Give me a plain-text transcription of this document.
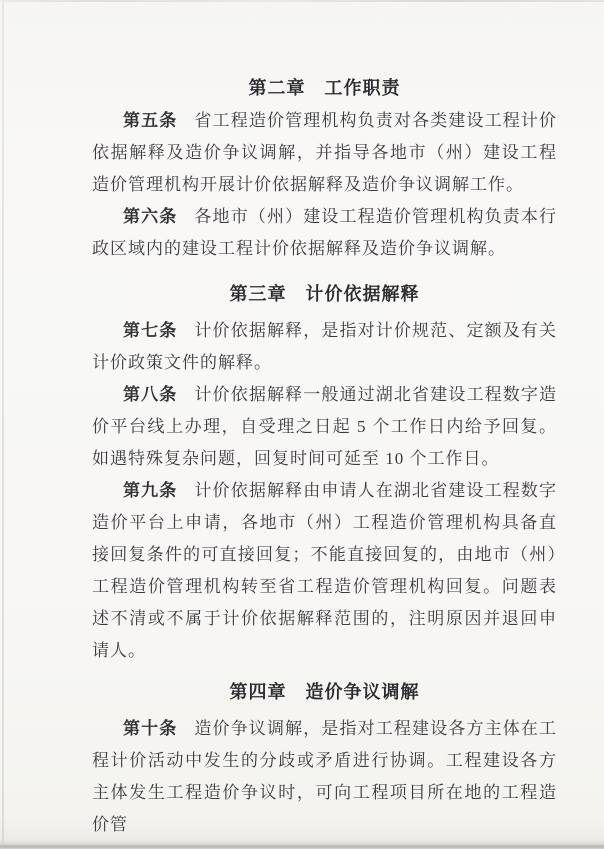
第二章　工作职责

第五条 省工程造价管理机构负责对各类建设工程计价依据解释及造价争议调解，并指导各地市（州）建设工程造价管理机构开展计价依据解释及造价争议调解工作。

第六条 各地市（州）建设工程造价管理机构负责本行政区域内的建设工程计价依据解释及造价争议调解。

第三章　计价依据解释

第七条 计价依据解释，是指对计价规范、定额及有关计价政策文件的解释。

第八条 计价依据解释一般通过湖北省建设工程数字造价平台线上办理，自受理之日起 5 个工作日内给予回复。如遇特殊复杂问题，回复时间可延至 10 个工作日。

第九条 计价依据解释由申请人在湖北省建设工程数字造价平台上申请，各地市（州）工程造价管理机构具备直接回复条件的可直接回复；不能直接回复的，由地市（州）工程造价管理机构转至省工程造价管理机构回复。问题表述不清或不属于计价依据解释范围的，注明原因并退回申请人。

第四章　造价争议调解

第十条 造价争议调解，是指对工程建设各方主体在工程计价活动中发生的分歧或矛盾进行协调。工程建设各方主体发生工程造价争议时，可向工程项目所在地的工程造价管
